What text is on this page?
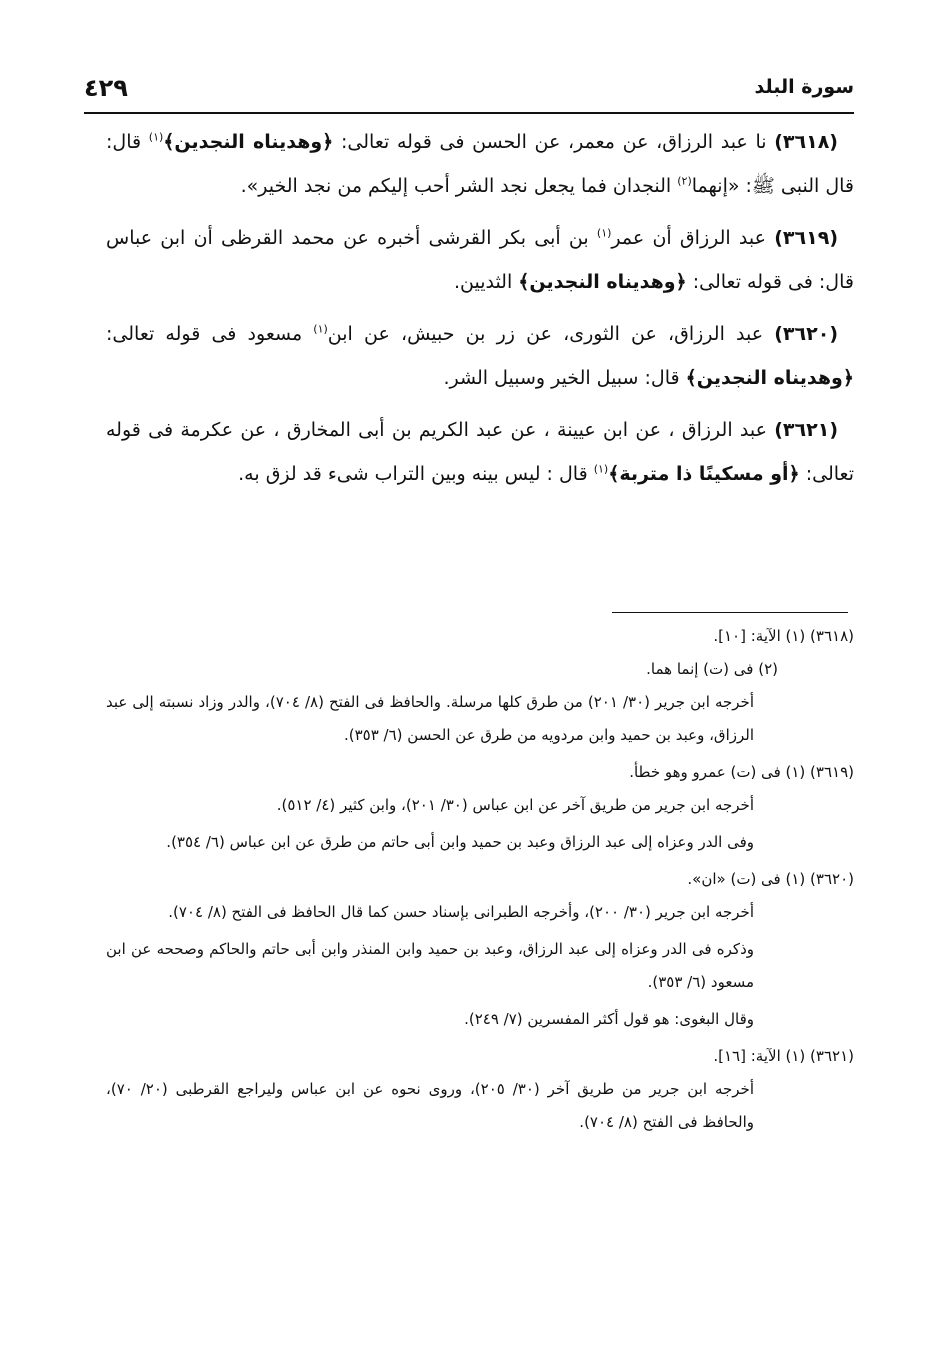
سورة البلد
٤٢٩

(٣٦١٨) نا عبد الرزاق، عن معمر، عن الحسن فى قوله تعالى: ﴿وهديناه النجدين﴾$^{(١)}$ قال: قال النبى ﷺ: «إنهما$^{(٢)}$ النجدان فما يجعل نجد الشر أحب إليكم من نجد الخير».

(٣٦١٩) عبد الرزاق أن عمر$^{(١)}$ بن أبى بكر القرشى أخبره عن محمد القرظى أن ابن عباس قال: فى قوله تعالى: ﴿وهديناه النجدين﴾ الثديين.

(٣٦٢٠) عبد الرزاق، عن الثورى، عن زر بن حبيش، عن ابن$^{(١)}$ مسعود فى قوله تعالى: ﴿وهديناه النجدين﴾ قال: سبيل الخير وسبيل الشر.

(٣٦٢١) عبد الرزاق ، عن ابن عيينة ، عن عبد الكريم بن أبى المخارق ، عن عكرمة فى قوله تعالى: ﴿أو مسكينًا ذا متربة﴾$^{(١)}$ قال : ليس بينه وبين التراب شىء قد لزق به.

(٣٦١٨) (١) الآية: [١٠].

(٢) فى (ت) إنما هما.

أخرجه ابن جرير (٣٠/ ٢٠١) من طرق كلها مرسلة. والحافظ فى الفتح (٨/ ٧٠٤)، والدر وزاد نسبته إلى عبد الرزاق، وعبد بن حميد وابن مردويه من طرق عن الحسن (٦/ ٣٥٣).

(٣٦١٩) (١) فى (ت) عمرو وهو خطأ.

أخرجه ابن جرير من طريق آخر عن ابن عباس (٣٠/ ٢٠١)، وابن كثير (٤/ ٥١٢).

وفى الدر وعزاه إلى عبد الرزاق وعبد بن حميد وابن أبى حاتم من طرق عن ابن عباس (٦/ ٣٥٤).

(٣٦٢٠) (١) فى (ت) «ان».

أخرجه ابن جرير (٣٠/ ٢٠٠)، وأخرجه الطبرانى بإسناد حسن كما قال الحافظ فى الفتح (٨/ ٧٠٤).

وذكره فى الدر وعزاه إلى عبد الرزاق، وعبد بن حميد وابن المنذر وابن أبى حاتم والحاكم وصححه عن ابن مسعود (٦/ ٣٥٣).

وقال البغوى: هو قول أكثر المفسرين (٧/ ٢٤٩).

(٣٦٢١) (١) الآية: [١٦].

أخرجه ابن جرير من طريق آخر (٣٠/ ٢٠٥)، وروى نحوه عن ابن عباس وليراجع القرطبى (٢٠/ ٧٠)، والحافظ فى الفتح (٨/ ٧٠٤).
